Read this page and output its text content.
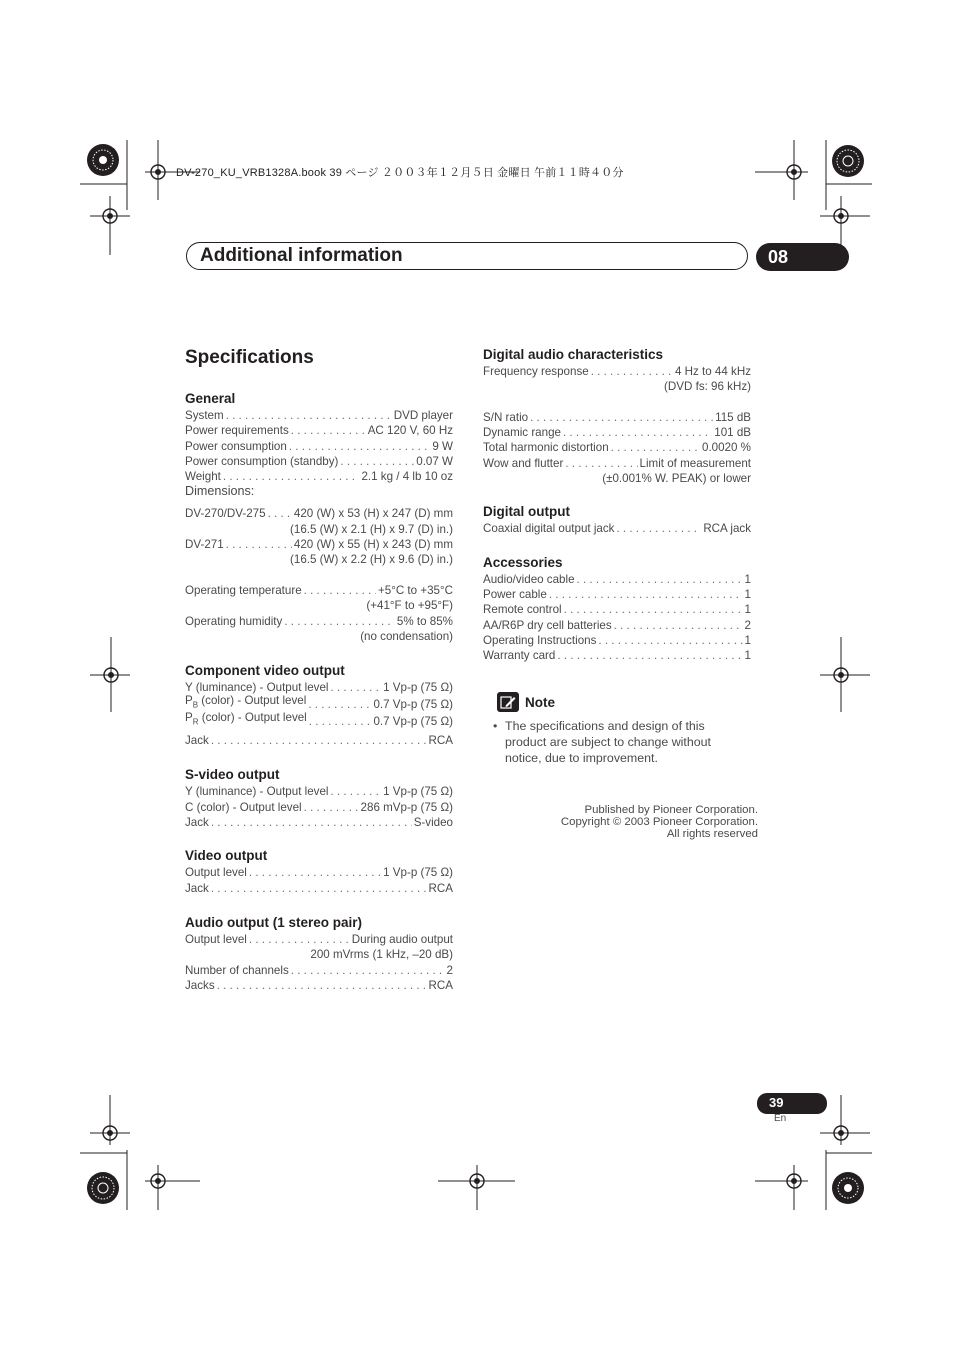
DV-270_KU_VRB1328A.book 39 ページ ２００３年１２月５日 金曜日 午前１１時４０分
Additional information	08
Specifications
General
System . . .	DVD player
Power requirements . . .	AC 120 V, 60 Hz
Power consumption . . .	9 W
Power consumption (standby) . . .	0.07 W
Weight . . .	2.1 kg / 4 lb 10 oz
Dimensions:
DV-270/DV-275 . . . 420 (W) x 53 (H) x 247 (D) mm
(16.5 (W) x 2.1 (H) x 9.7 (D) in.)
DV-271 . . .	420 (W) x 55 (H) x 243 (D) mm
(16.5 (W) x 2.2 (H) x 9.6 (D) in.)
Operating temperature . . .	+5°C to +35°C
(+41°F to +95°F)
Operating humidity . . .	5% to 85%
(no condensation)
Component video output
Y (luminance) - Output level . . .	1 Vp-p (75 Ω)
$P_B$ (color) - Output level . . .	0.7 Vp-p (75 Ω)
$P_R$ (color) - Output level . . .	0.7 Vp-p (75 Ω)
Jack . . .	RCA
S-video output
Y (luminance) - Output level . . .	1 Vp-p (75 Ω)
C (color) - Output level . . .	286 mVp-p (75 Ω)
Jack . . .	S-video
Video output
Output level . . .	1 Vp-p (75 Ω)
Jack . . .	RCA
Audio output (1 stereo pair)
Output level . . .	During audio output
200 mVrms (1 kHz, –20 dB)
Number of channels . . .	2
Jacks . . .	RCA
Digital audio characteristics
Frequency response . . .	4 Hz to 44 kHz
(DVD fs: 96 kHz)
S/N ratio . . .	115 dB
Dynamic range . . .	101 dB
Total harmonic distortion . . .	0.0020 %
Wow and flutter . . .	Limit of measurement
(±0.001% W. PEAK) or lower
Digital output
Coaxial digital output jack . . .	RCA jack
Accessories
Audio/video cable . . .	1
Power cable . . .	1
Remote control . . .	1
AA/R6P dry cell batteries . . .	2
Operating Instructions . . .	1
Warranty card . . .	1
Note
• The specifications and design of this product are subject to change without notice, due to improvement.
Published by Pioneer Corporation.
Copyright © 2003 Pioneer Corporation.
All rights reserved
39
En
